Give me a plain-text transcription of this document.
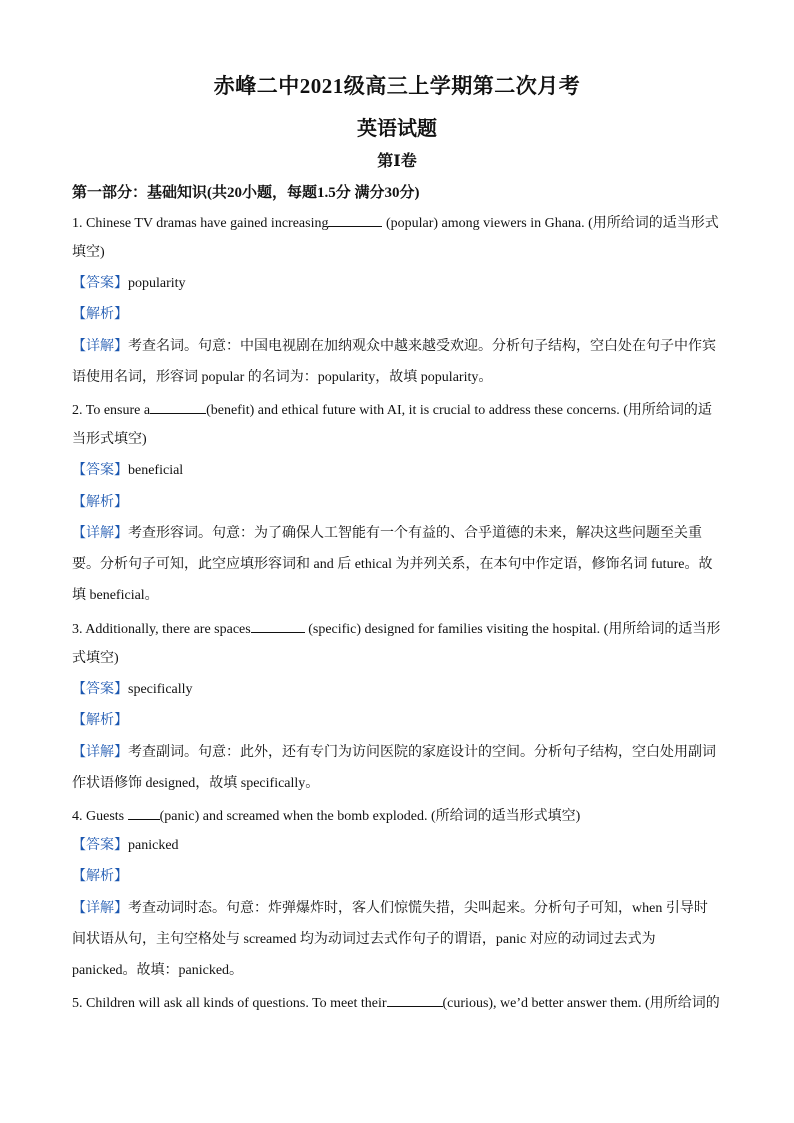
赤峰二中2021级高三上学期第二次月考
英语试题
第Ⅰ卷
第一部分：基础知识(共20小题，每题1.5分 满分30分)
1. Chinese TV dramas have gained increasing	(popular) among viewers in Ghana. (用所给词的适当形式
填空)
【答案】popularity
【解析】
【详解】考查名词。句意：中国电视剧在加纳观众中越来越受欢迎。分析句子结构，空白处在句子中作宾
语使用名词，形容词 popular 的名词为：popularity，故填 popularity。
2. To ensure a	(benefit) and ethical future with AI, it is crucial to address these concerns. (用所给词的适
当形式填空)
【答案】beneficial
【解析】
【详解】考查形容词。句意：为了确保人工智能有一个有益的、合乎道德的未来，解决这些问题至关重
要。分析句子可知，此空应填形容词和 and 后 ethical 为并列关系，在本句中作定语，修饰名词 future。故
填 beneficial。
3. Additionally, there are spaces	(specific) designed for families visiting the hospital. (用所给词的适当形
式填空)
【答案】specifically
【解析】
【详解】考查副词。句意：此外，还有专门为访问医院的家庭设计的空间。分析句子结构，空白处用副词
作状语修饰 designed，故填 specifically。
4. Guests (panic) and screamed when the bomb exploded. (所给词的适当形式填空)
【答案】panicked
【解析】
【详解】考查动词时态。句意：炸弹爆炸时，客人们惊慌失措，尖叫起来。分析句子可知，when 引导时
间状语从句，主句空格处与 screamed 均为动词过去式作句子的谓语，panic 对应的动词过去式为
panicked。故填：panicked。
5. Children will ask all kinds of questions. To meet their	(curious), we’d better answer them. (用所给词的
